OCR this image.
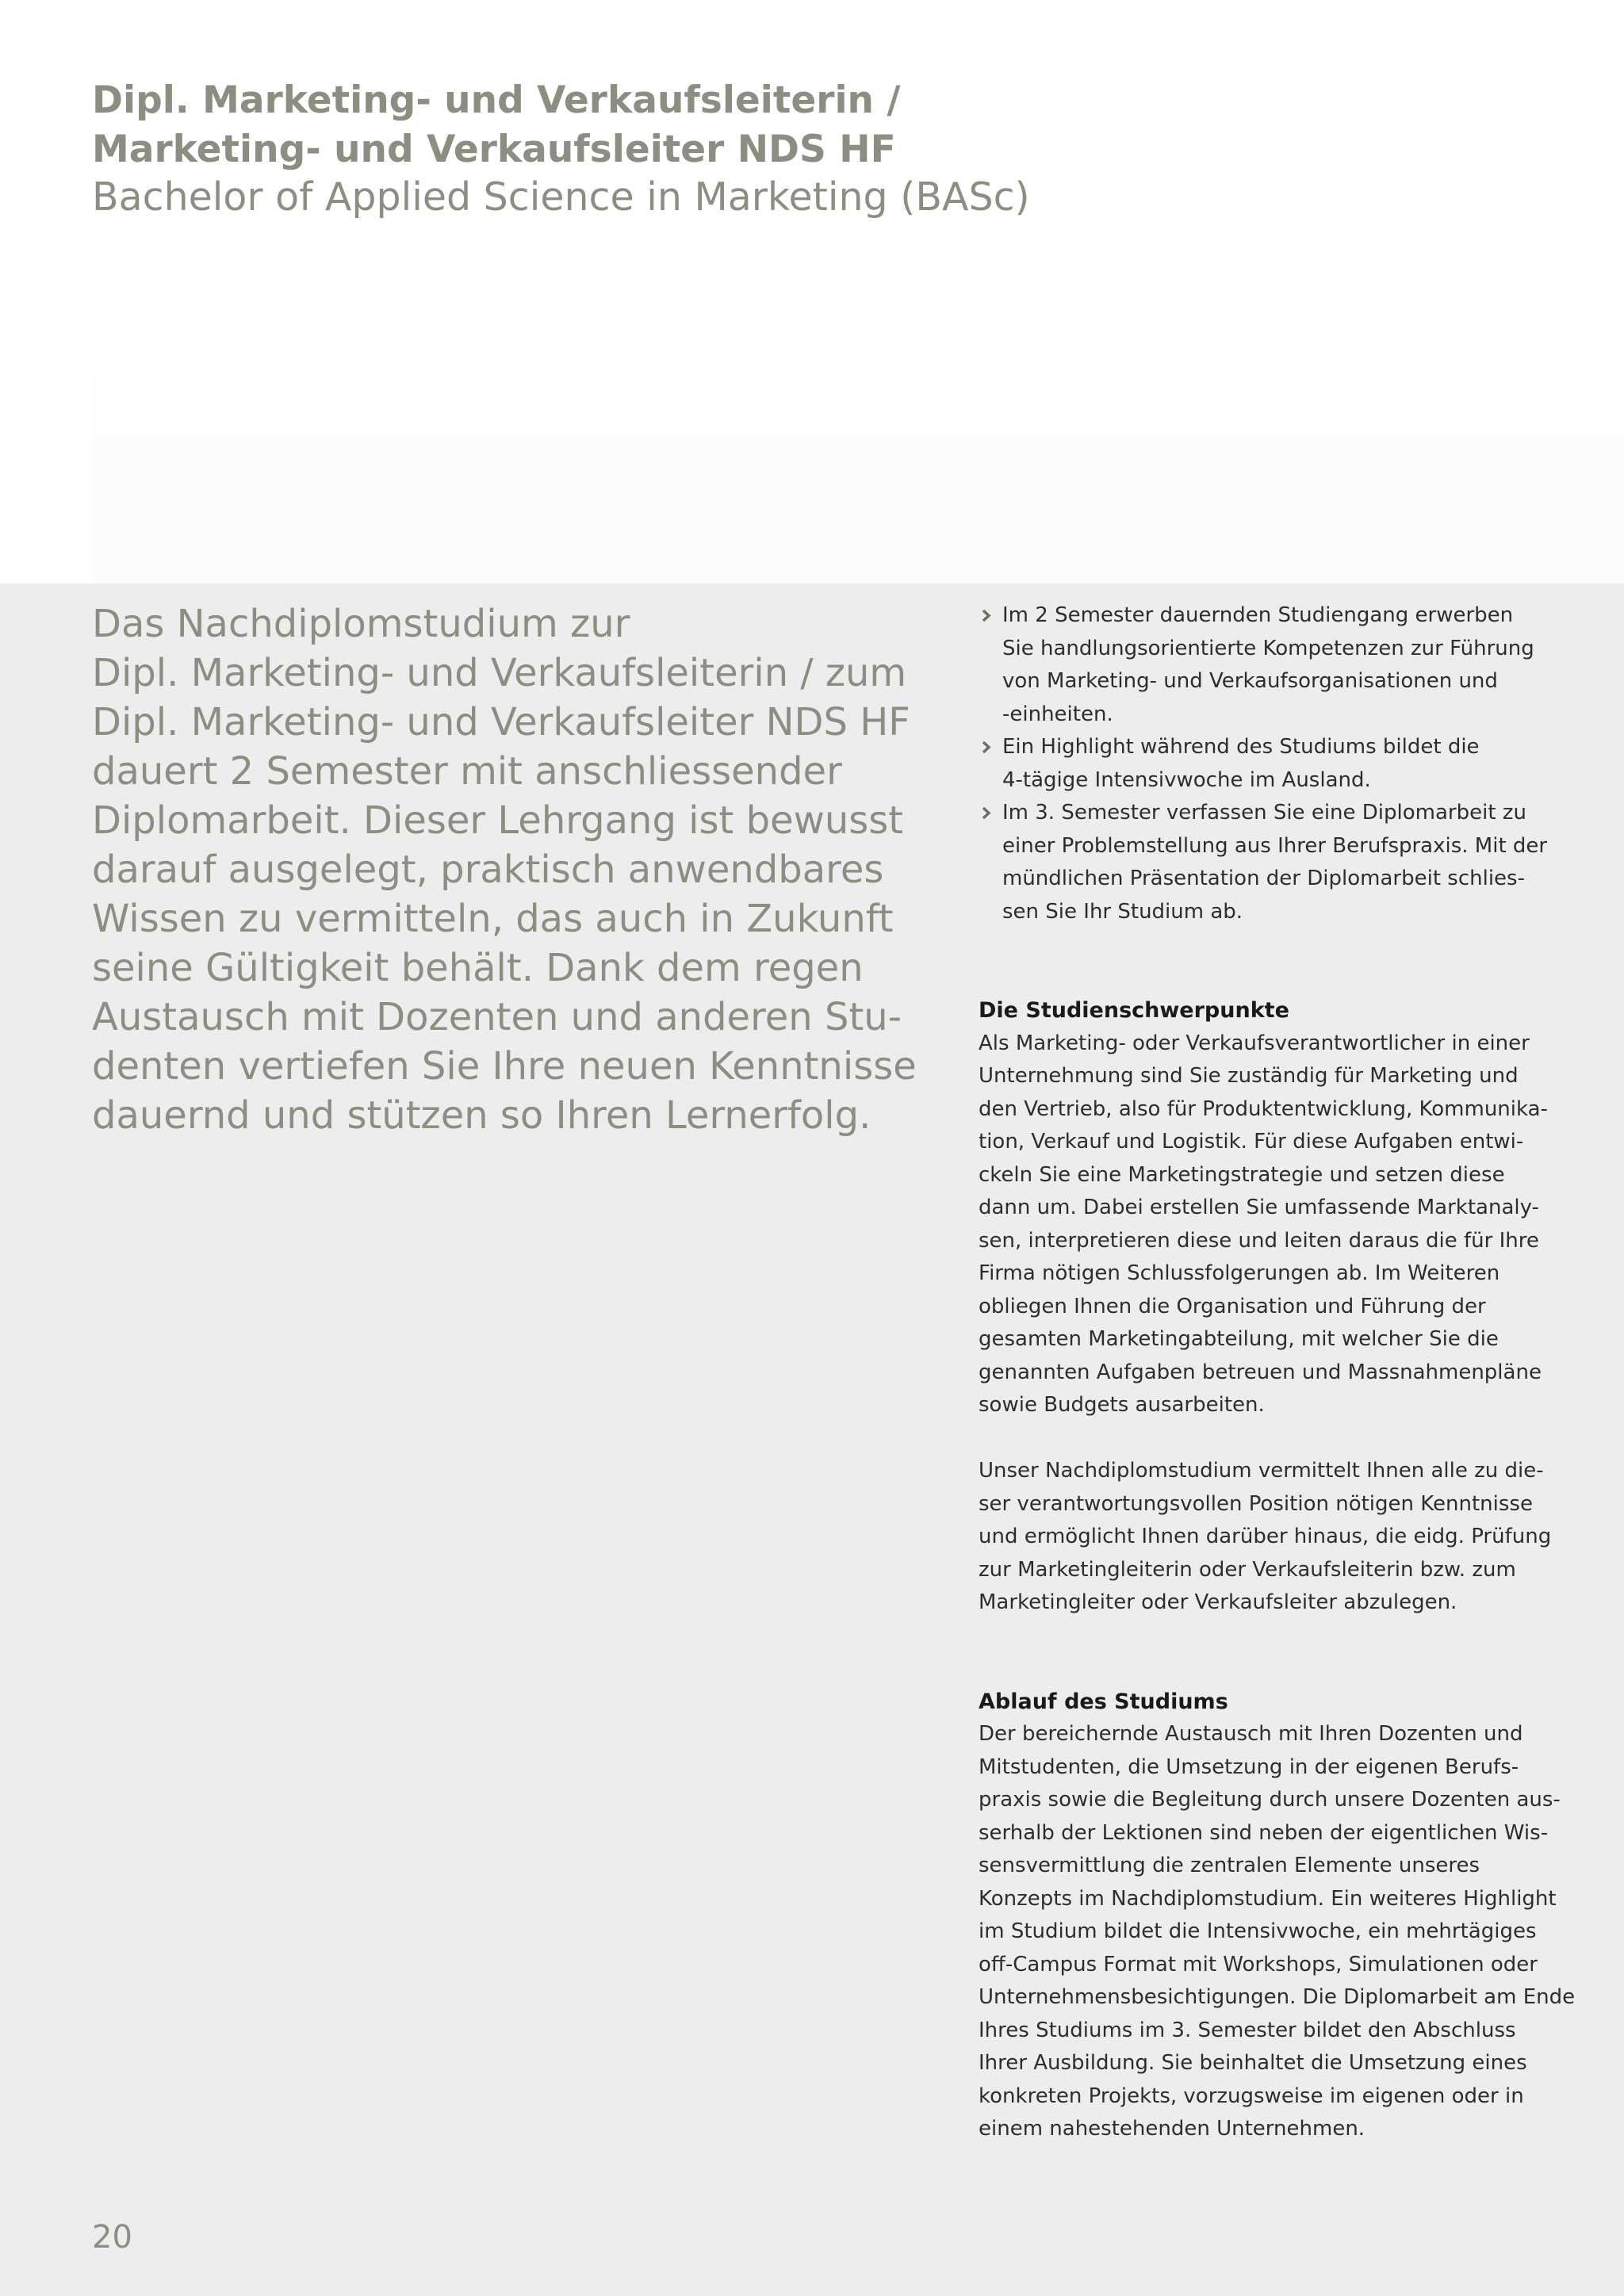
Dipl. Marketing- und Verkaufsleiterin /
Marketing- und Verkaufsleiter NDS HF
Bachelor of Applied Science in Marketing (BASc)
Das Nachdiplomstudium zur
Dipl. Marketing- und Verkaufsleiterin / zum
Dipl. Marketing- und Verkaufsleiter NDS HF
dauert 2 Semester mit anschliessender
Diplomarbeit. Dieser Lehrgang ist bewusst
darauf ausgelegt, praktisch anwendbares
Wissen zu vermitteln, das auch in Zukunft
seine Gültigkeit behält. Dank dem regen
Austausch mit Dozenten und anderen Stu-
denten vertiefen Sie Ihre neuen Kenntnisse
dauernd und stützen so Ihren Lernerfolg.
Im 2 Semester dauernden Studiengang erwerben
Sie handlungsorientierte Kompetenzen zur Führung
von Marketing- und Verkaufsorganisationen und
-einheiten.
Ein Highlight während des Studiums bildet die
4-tägige Intensivwoche im Ausland.
Im 3. Semester verfassen Sie eine Diplomarbeit zu
einer Problemstellung aus Ihrer Berufspraxis. Mit der
mündlichen Präsentation der Diplomarbeit schlies-
sen Sie Ihr Studium ab.
Die Studienschwerpunkte

Als Marketing- oder Verkaufsverantwortlicher in einer
Unternehmung sind Sie zuständig für Marketing und
den Vertrieb, also für Produktentwicklung, Kommunika-
tion, Verkauf und Logistik. Für diese Aufgaben entwi-
ckeln Sie eine Marketingstrategie und setzen diese
dann um. Dabei erstellen Sie umfassende Marktanaly-
sen, interpretieren diese und leiten daraus die für Ihre
Firma nötigen Schlussfolgerungen ab. Im Weiteren
obliegen Ihnen die Organisation und Führung der
gesamten Marketingabteilung, mit welcher Sie die
genannten Aufgaben betreuen und Massnahmenpläne
sowie Budgets ausarbeiten.

Unser Nachdiplomstudium vermittelt Ihnen alle zu die-
ser verantwortungsvollen Position nötigen Kenntnisse
und ermöglicht Ihnen darüber hinaus, die eidg. Prüfung
zur Marketingleiterin oder Verkaufsleiterin bzw. zum
Marketingleiter oder Verkaufsleiter abzulegen.

Ablauf des Studiums

Der bereichernde Austausch mit Ihren Dozenten und
Mitstudenten, die Umsetzung in der eigenen Berufs-
praxis sowie die Begleitung durch unsere Dozenten aus-
serhalb der Lektionen sind neben der eigentlichen Wis-
sensvermittlung die zentralen Elemente unseres
Konzepts im Nachdiplomstudium. Ein weiteres Highlight
im Studium bildet die Intensivwoche, ein mehrtägiges
off-Campus Format mit Workshops, Simulationen oder
Unternehmensbesichtigungen. Die Diplomarbeit am Ende
Ihres Studiums im 3. Semester bildet den Abschluss
Ihrer Ausbildung. Sie beinhaltet die Umsetzung eines
konkreten Projekts, vorzugsweise im eigenen oder in
einem nahestehenden Unternehmen.

20
